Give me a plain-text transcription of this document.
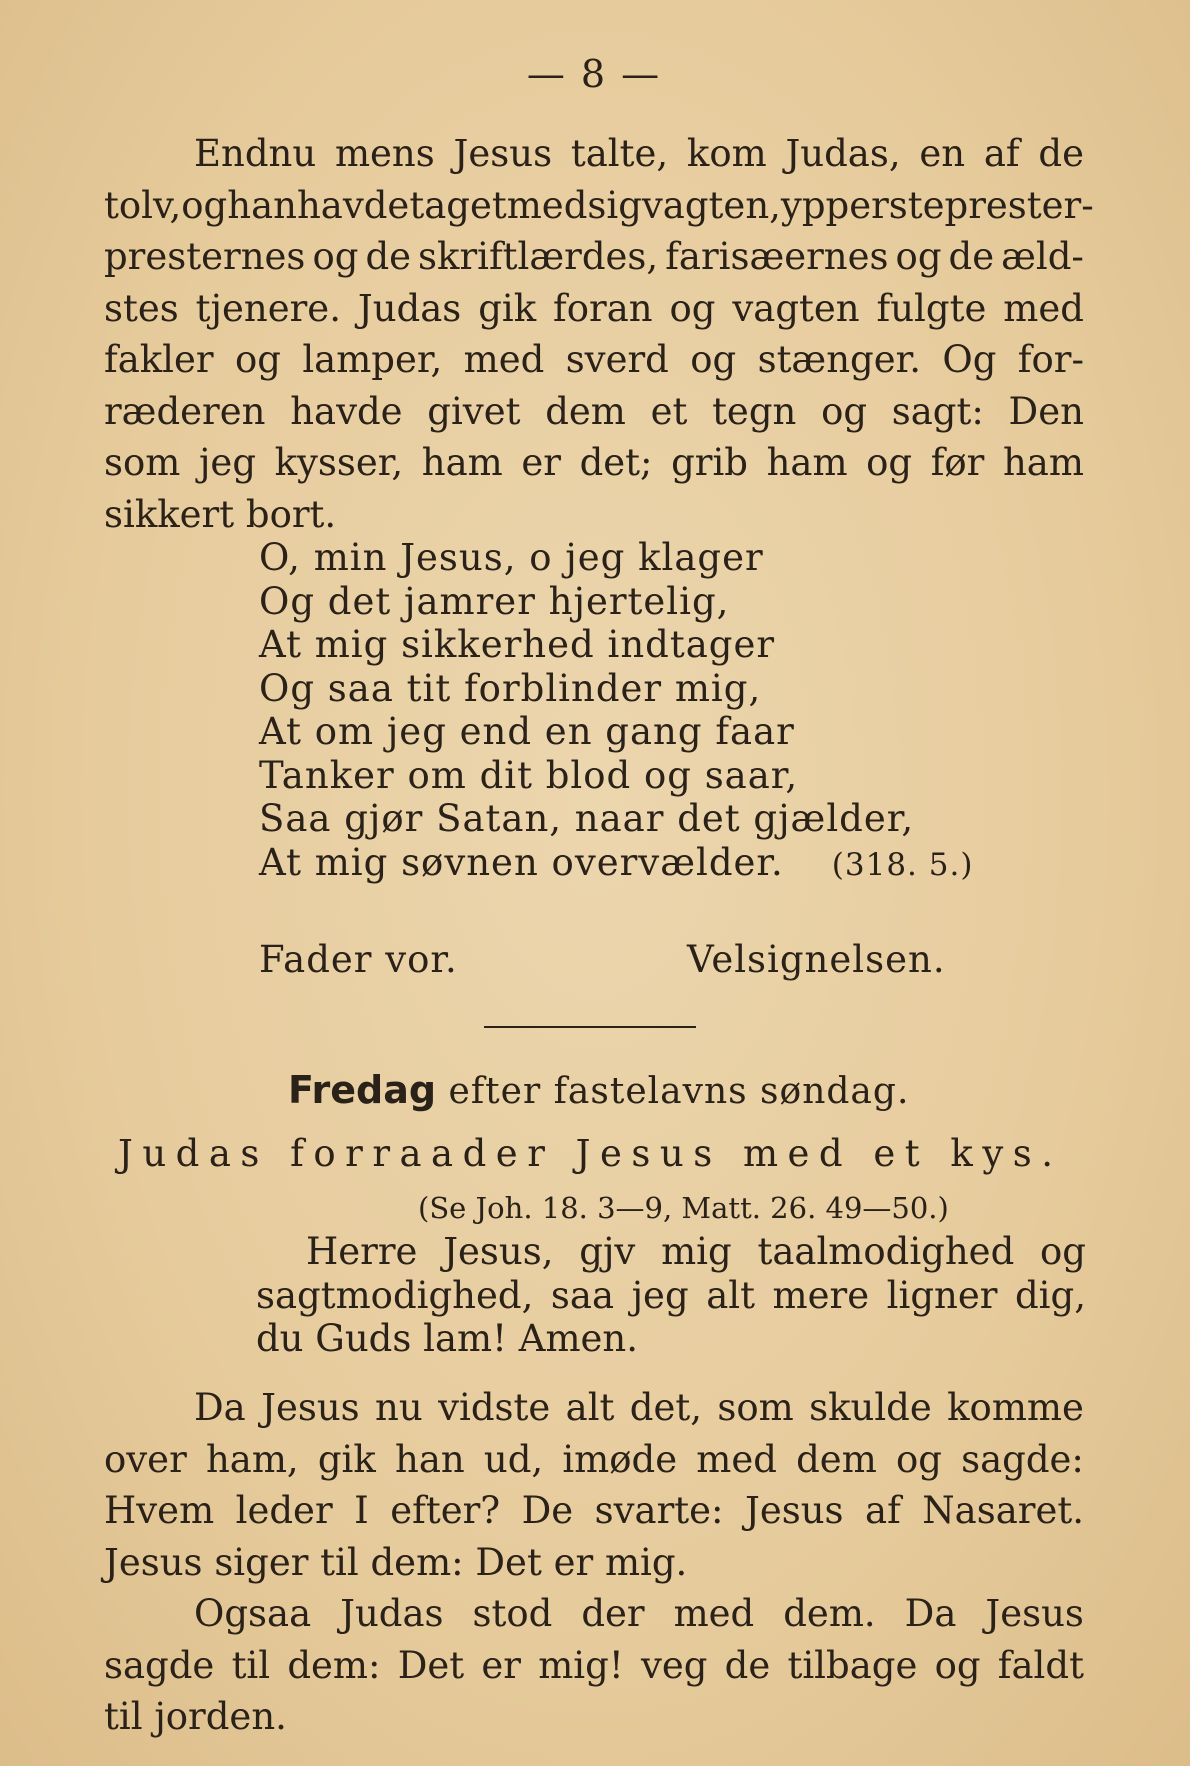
— 8 —
Endnu mens Jesus talte, kom Judas, en af de
tolv, og han havde taget med sig vagten, yppersteprester-
presternes og de skriftlærdes, farisæernes og de æld-
stes tjenere. Judas gik foran og vagten fulgte med
fakler og lamper, med sverd og stænger. Og for-
ræderen havde givet dem et tegn og sagt: Den
som jeg kysser, ham er det; grib ham og før ham
sikkert bort.
O, min Jesus, o jeg klager
Og det jamrer hjertelig,
At mig sikkerhed indtager
Og saa tit forblinder mig,
At om jeg end en gang faar
Tanker om dit blod og saar,
Saa gjør Satan, naar det gjælder,
At mig søvnen overvælder. (318. 5.)
Fader vor.	Velsignelsen.
Fredag efter fastelavns søndag.
Judas forraader Jesus med et kys.
(Se Joh. 18. 3—9, Matt. 26. 49—50.)
Herre Jesus, gjv mig taalmodighed og
sagtmodighed, saa jeg alt mere ligner dig,
du Guds lam! Amen.
Da Jesus nu vidste alt det, som skulde komme
over ham, gik han ud, imøde med dem og sagde:
Hvem leder I efter? De svarte: Jesus af Nasaret.
Jesus siger til dem: Det er mig.
Ogsaa Judas stod der med dem. Da Jesus
sagde til dem: Det er mig! veg de tilbage og faldt
til jorden.
